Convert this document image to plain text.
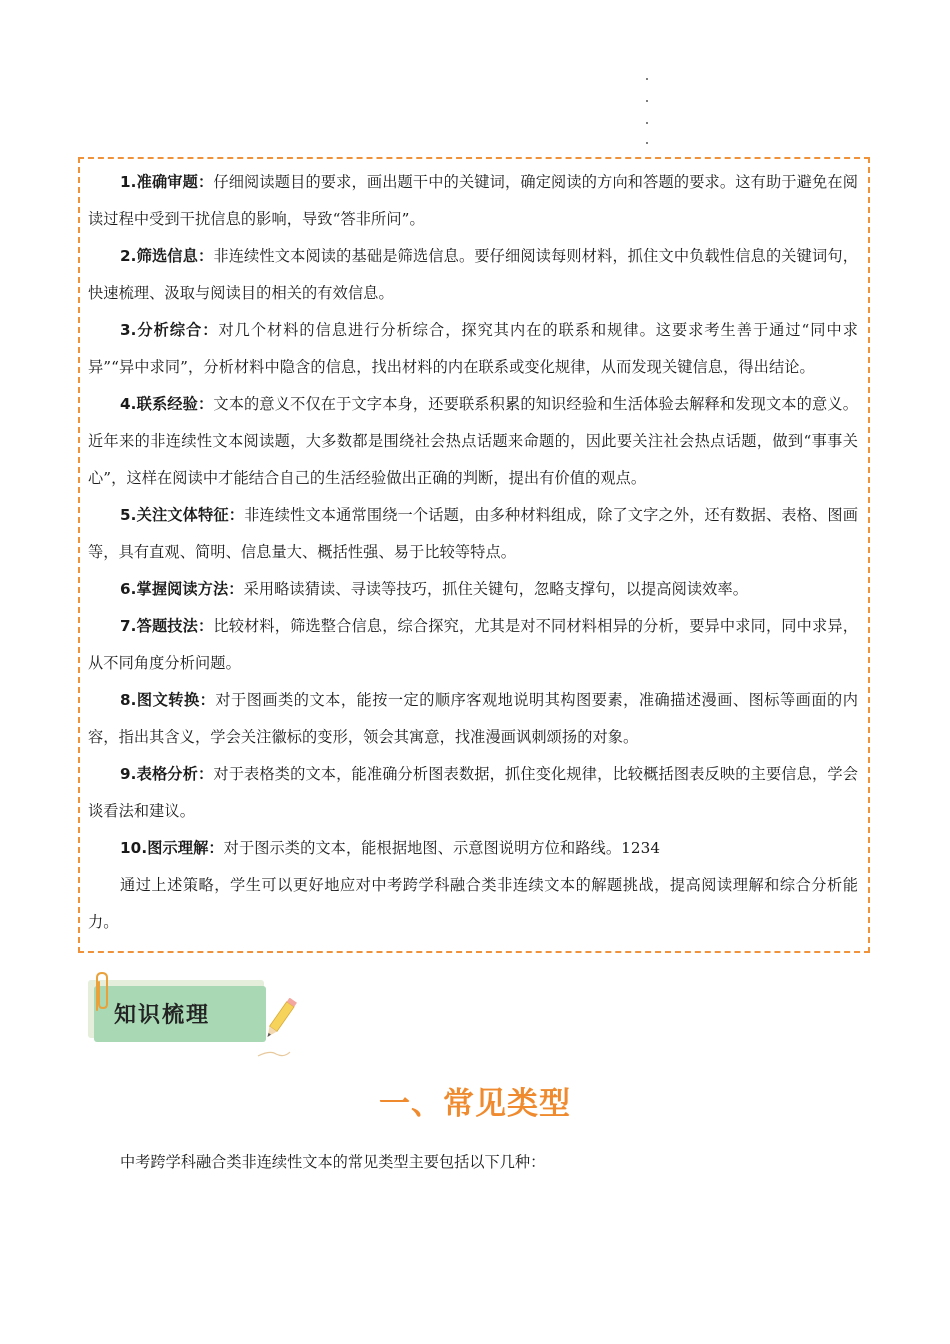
1.准确审题：仔细阅读题目的要求，画出题干中的关键词，确定阅读的方向和答题的要求。这有助于避免在阅读过程中受到干扰信息的影响，导致“答非所问”。

2.筛选信息：非连续性文本阅读的基础是筛选信息。要仔细阅读每则材料，抓住文中负载性信息的关键词句，快速梳理、汲取与阅读目的相关的有效信息。

3.分析综合：对几个材料的信息进行分析综合，探究其内在的联系和规律。这要求考生善于通过“同中求异”“异中求同”，分析材料中隐含的信息，找出材料的内在联系或变化规律，从而发现关键信息，得出结论。

4.联系经验：文本的意义不仅在于文字本身，还要联系积累的知识经验和生活体验去解释和发现文本的意义。近年来的非连续性文本阅读题，大多数都是围绕社会热点话题来命题的，因此要关注社会热点话题，做到“事事关心”，这样在阅读中才能结合自己的生活经验做出正确的判断，提出有价值的观点。

5.关注文体特征：非连续性文本通常围绕一个话题，由多种材料组成，除了文字之外，还有数据、表格、图画等，具有直观、简明、信息量大、概括性强、易于比较等特点。

6.掌握阅读方法：采用略读猜读、寻读等技巧，抓住关键句，忽略支撑句，以提高阅读效率。

7.答题技法：比较材料，筛选整合信息，综合探究，尤其是对不同材料相异的分析，要异中求同，同中求异，从不同角度分析问题。

8.图文转换：对于图画类的文本，能按一定的顺序客观地说明其构图要素，准确描述漫画、图标等画面的内容，指出其含义，学会关注徽标的变形，领会其寓意，找准漫画讽刺颂扬的对象。

9.表格分析：对于表格类的文本，能准确分析图表数据，抓住变化规律，比较概括图表反映的主要信息，学会谈看法和建议。

10.图示理解：对于图示类的文本，能根据地图、示意图说明方位和路线。1234

通过上述策略，学生可以更好地应对中考跨学科融合类非连续文本的解题挑战，提高阅读理解和综合分析能力。

知识梳理
一、常见类型

中考跨学科融合类非连续性文本的常见类型主要包括以下几种：
